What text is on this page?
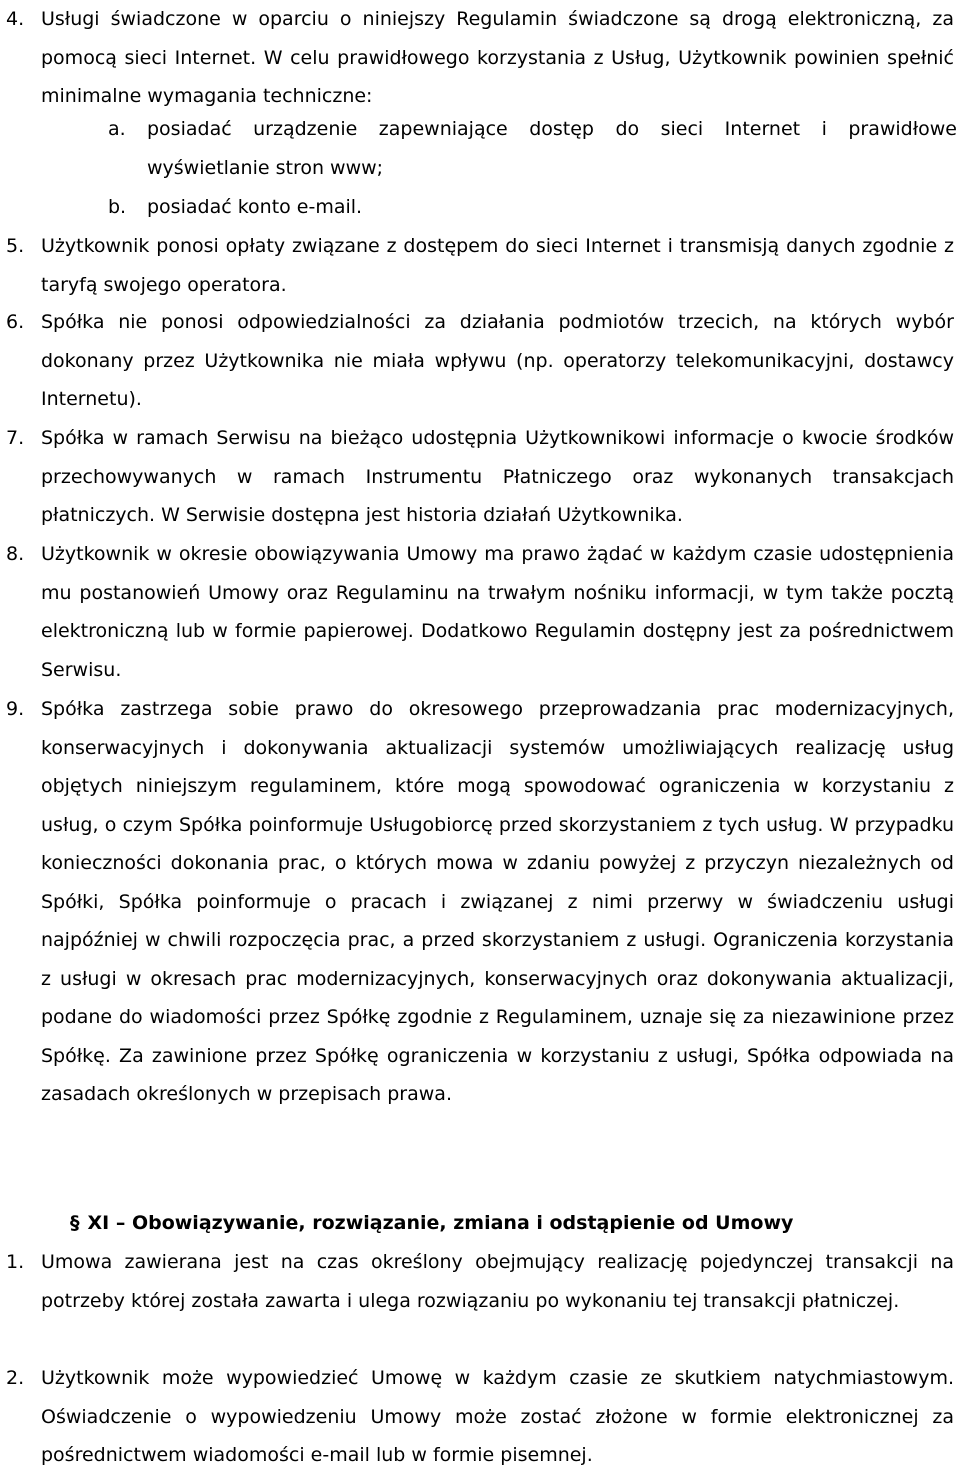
4. Usługi świadczone w oparciu o niniejszy Regulamin świadczone są drogą elektroniczną, za pomocą sieci Internet. W celu prawidłowego korzystania z Usług, Użytkownik powinien spełnić minimalne wymagania techniczne:
a. posiadać urządzenie zapewniające dostęp do sieci Internet i prawidłowe wyświetlanie stron www;
b. posiadać konto e-mail.
5. Użytkownik ponosi opłaty związane z dostępem do sieci Internet i transmisją danych zgodnie z taryfą swojego operatora.
6. Spółka nie ponosi odpowiedzialności za działania podmiotów trzecich, na których wybór dokonany przez Użytkownika nie miała wpływu (np. operatorzy telekomunikacyjni, dostawcy Internetu).
7. Spółka w ramach Serwisu na bieżąco udostępnia Użytkownikowi informacje o kwocie środków przechowywanych w ramach Instrumentu Płatniczego oraz wykonanych transakcjach płatniczych. W Serwisie dostępna jest historia działań Użytkownika.
8. Użytkownik w okresie obowiązywania Umowy ma prawo żądać w każdym czasie udostępnienia mu postanowień Umowy oraz Regulaminu na trwałym nośniku informacji, w tym także pocztą elektroniczną lub w formie papierowej. Dodatkowo Regulamin dostępny jest za pośrednictwem Serwisu.
9. Spółka zastrzega sobie prawo do okresowego przeprowadzania prac modernizacyjnych, konserwacyjnych i dokonywania aktualizacji systemów umożliwiających realizację usług objętych niniejszym regulaminem, które mogą spowodować ograniczenia w korzystaniu z usług, o czym Spółka poinformuje Usługobiorcę przed skorzystaniem z tych usług. W przypadku konieczności dokonania prac, o których mowa w zdaniu powyżej z przyczyn niezależnych od Spółki, Spółka poinformuje o pracach i związanej z nimi przerwy w świadczeniu usługi najpóźniej w chwili rozpoczęcia prac, a przed skorzystaniem z usługi. Ograniczenia korzystania z usługi w okresach prac modernizacyjnych, konserwacyjnych oraz dokonywania aktualizacji, podane do wiadomości przez Spółkę zgodnie z Regulaminem, uznaje się za niezawinione przez Spółkę. Za zawinione przez Spółkę ograniczenia w korzystaniu z usługi, Spółka odpowiada na zasadach określonych w przepisach prawa.
§ XI – Obowiązywanie, rozwiązanie, zmiana i odstąpienie od Umowy
1. Umowa zawierana jest na czas określony obejmujący realizację pojedynczej transakcji na potrzeby której została zawarta i ulega rozwiązaniu po wykonaniu tej transakcji płatniczej.
2. Użytkownik może wypowiedzieć Umowę w każdym czasie ze skutkiem natychmiastowym. Oświadczenie o wypowiedzeniu Umowy może zostać złożone w formie elektronicznej za pośrednictwem wiadomości e-mail lub w formie pisemnej.
